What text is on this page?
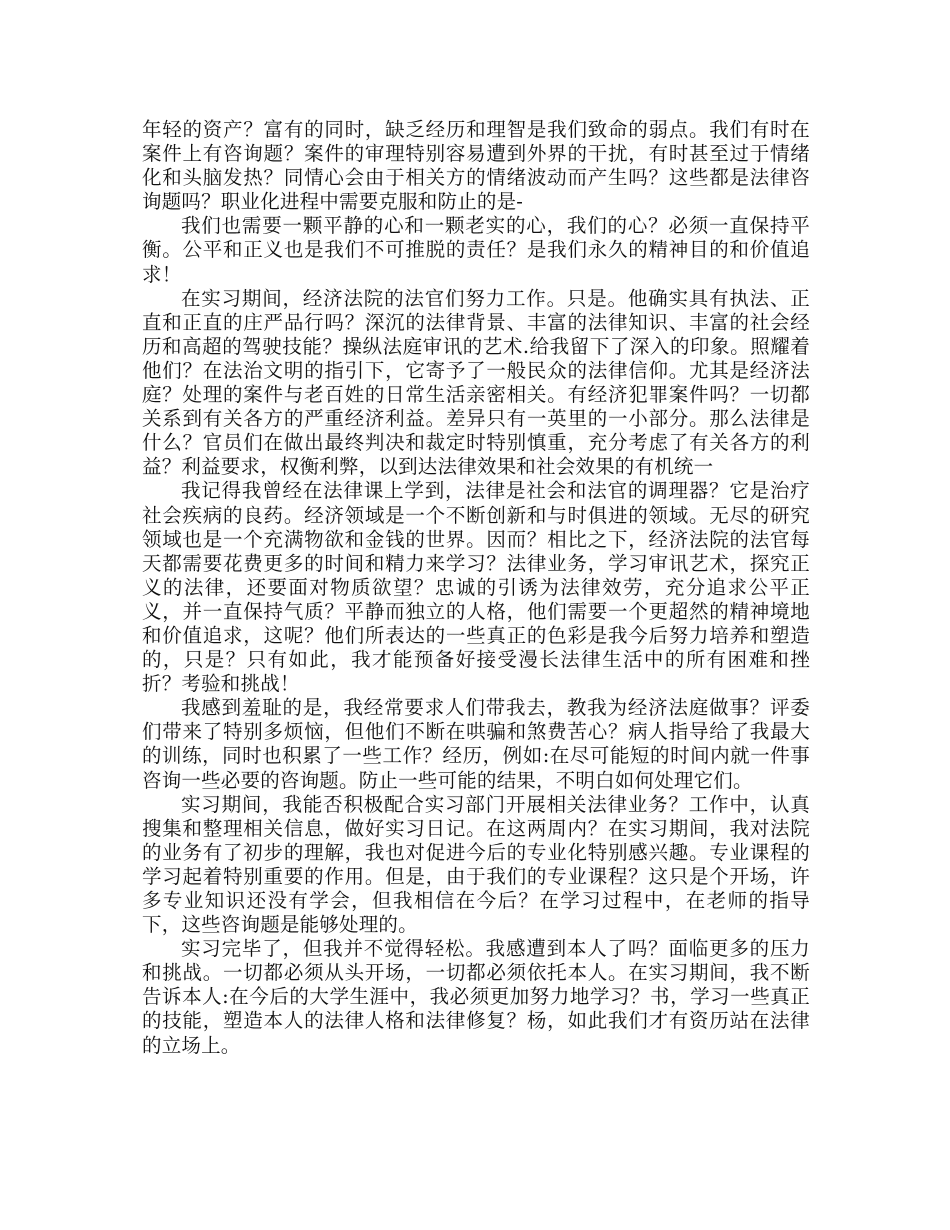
年轻的资产？富有的同时，缺乏经历和理智是我们致命的弱点。我们有时在案件上有咨询题？案件的审理特别容易遭到外界的干扰，有时甚至过于情绪化和头脑发热？同情心会由于相关方的情绪波动而产生吗？这些都是法律咨询题吗？职业化进程中需要克服和防止的是-

我们也需要一颗平静的心和一颗老实的心，我们的心？必须一直保持平衡。公平和正义也是我们不可推脱的责任？是我们永久的精神目的和价值追求！

在实习期间，经济法院的法官们努力工作。只是。他确实具有执法、正直和正直的庄严品行吗？深沉的法律背景、丰富的法律知识、丰富的社会经历和高超的驾驶技能？操纵法庭审讯的艺术.给我留下了深入的印象。照耀着他们？在法治文明的指引下，它寄予了一般民众的法律信仰。尤其是经济法庭？处理的案件与老百姓的日常生活亲密相关。有经济犯罪案件吗？一切都关系到有关各方的严重经济利益。差异只有一英里的一小部分。那么法律是什么？官员们在做出最终判决和裁定时特别慎重，充分考虑了有关各方的利益？利益要求，权衡利弊，以到达法律效果和社会效果的有机统一

我记得我曾经在法律课上学到，法律是社会和法官的调理器？它是治疗社会疾病的良药。经济领域是一个不断创新和与时俱进的领域。无尽的研究领域也是一个充满物欲和金钱的世界。因而？相比之下，经济法院的法官每天都需要花费更多的时间和精力来学习？法律业务，学习审讯艺术，探究正义的法律，还要面对物质欲望？忠诚的引诱为法律效劳，充分追求公平正义，并一直保持气质？平静而独立的人格，他们需要一个更超然的精神境地和价值追求，这呢？他们所表达的一些真正的色彩是我今后努力培养和塑造的，只是？只有如此，我才能预备好接受漫长法律生活中的所有困难和挫折？考验和挑战！

我感到羞耻的是，我经常要求人们带我去，教我为经济法庭做事？评委们带来了特别多烦恼，但他们不断在哄骗和煞费苦心？病人指导给了我最大的训练，同时也积累了一些工作？经历，例如:在尽可能短的时间内就一件事咨询一些必要的咨询题。防止一些可能的结果，不明白如何处理它们。

实习期间，我能否积极配合实习部门开展相关法律业务？工作中，认真搜集和整理相关信息，做好实习日记。在这两周内？在实习期间，我对法院的业务有了初步的理解，我也对促进今后的专业化特别感兴趣。专业课程的学习起着特别重要的作用。但是，由于我们的专业课程？这只是个开场，许多专业知识还没有学会，但我相信在今后？在学习过程中，在老师的指导下，这些咨询题是能够处理的。

实习完毕了，但我并不觉得轻松。我感遭到本人了吗？面临更多的压力和挑战。一切都必须从头开场，一切都必须依托本人。在实习期间，我不断告诉本人:在今后的大学生涯中，我必须更加努力地学习？书，学习一些真正的技能，塑造本人的法律人格和法律修复？杨，如此我们才有资历站在法律的立场上。
